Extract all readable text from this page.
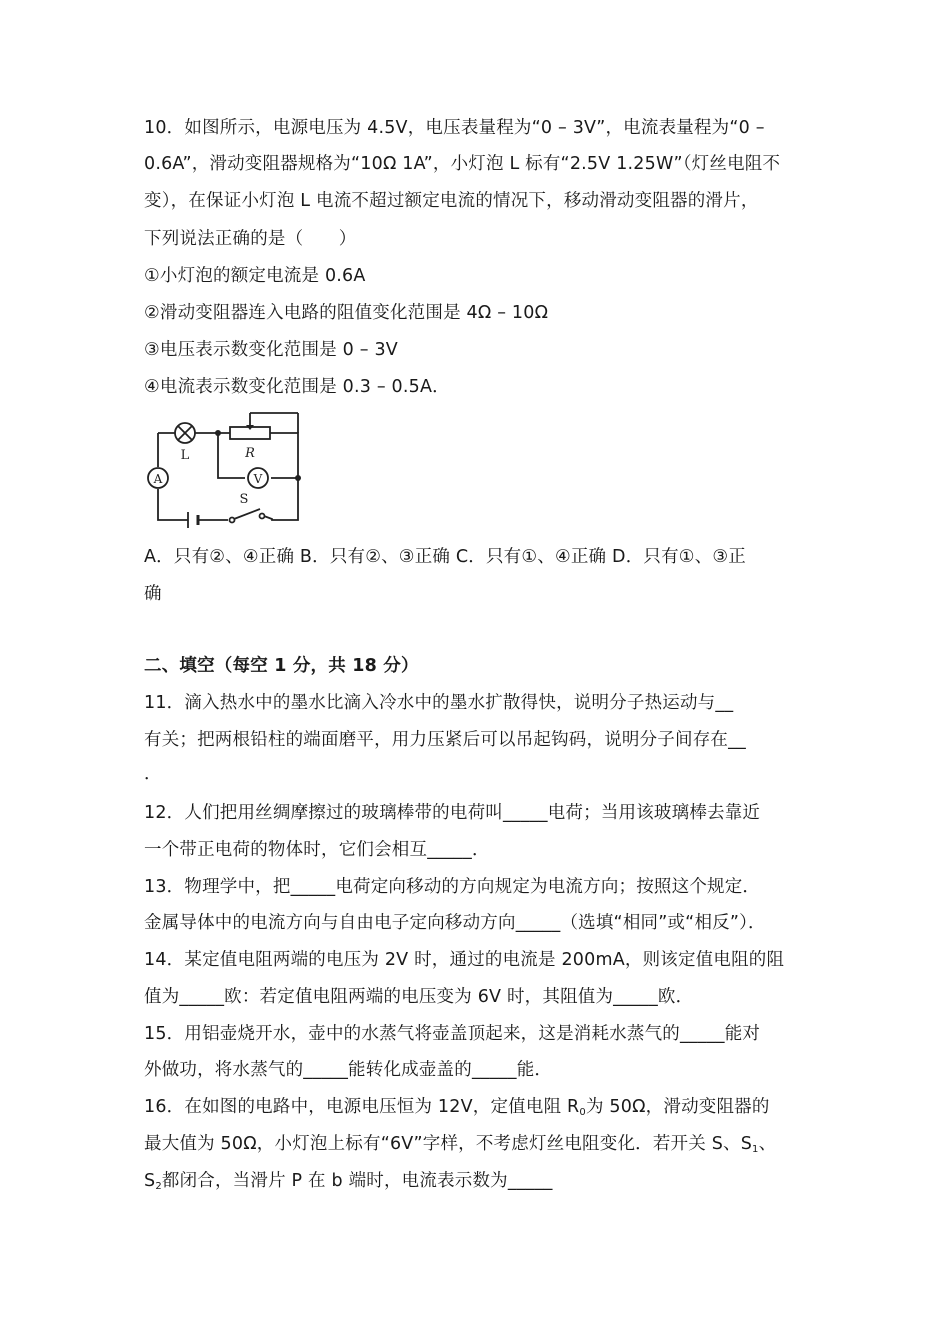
10．如图所示，电源电压为 4.5V，电压表量程为“0 – 3V”，电流表量程为“0 –
0.6A”，滑动变阻器规格为“10Ω 1A”，小灯泡 L 标有“2.5V 1.25W”（灯丝电阻不
变），在保证小灯泡 L 电流不超过额定电流的情况下，移动滑动变阻器的滑片，
下列说法正确的是（　　）
①小灯泡的额定电流是 0.6A
②滑动变阻器连入电路的阻值变化范围是 4Ω – 10Ω
③电压表示数变化范围是 0 – 3V
④电流表示数变化范围是 0.3 – 0.5A．
L	R
V
A
S
A．只有②、④正确 B．只有②、③正确 C．只有①、④正确 D．只有①、③正
确
二、填空（每空 1 分，共 18 分）
11．滴入热水中的墨水比滴入冷水中的墨水扩散得快，说明分子热运动与__
有关；把两根铅柱的端面磨平，用力压紧后可以吊起钩码，说明分子间存在__
．
12．人们把用丝绸摩擦过的玻璃棒带的电荷叫_____电荷；当用该玻璃棒去靠近
一个带正电荷的物体时，它们会相互_____．
13．物理学中，把_____电荷定向移动的方向规定为电流方向；按照这个规定．
金属导体中的电流方向与自由电子定向移动方向_____（选填“相同”或“相反”）．
14．某定值电阻两端的电压为 2V 时，通过的电流是 200mA，则该定值电阻的阻
值为_____欧：若定值电阻两端的电压变为 6V 时，其阻值为_____欧．
15．用铝壶烧开水，壶中的水蒸气将壶盖顶起来，这是消耗水蒸气的_____能对
外做功，将水蒸气的_____能转化成壶盖的_____能．
16．在如图的电路中，电源电压恒为 12V，定值电阻 $R_0$为 50Ω，滑动变阻器的
最大值为 50Ω，小灯泡上标有“6V”字样，不考虑灯丝电阻变化．若开关 S、$S_1$、
$S_2$都闭合，当滑片 P 在 b 端时，电流表示数为_____
